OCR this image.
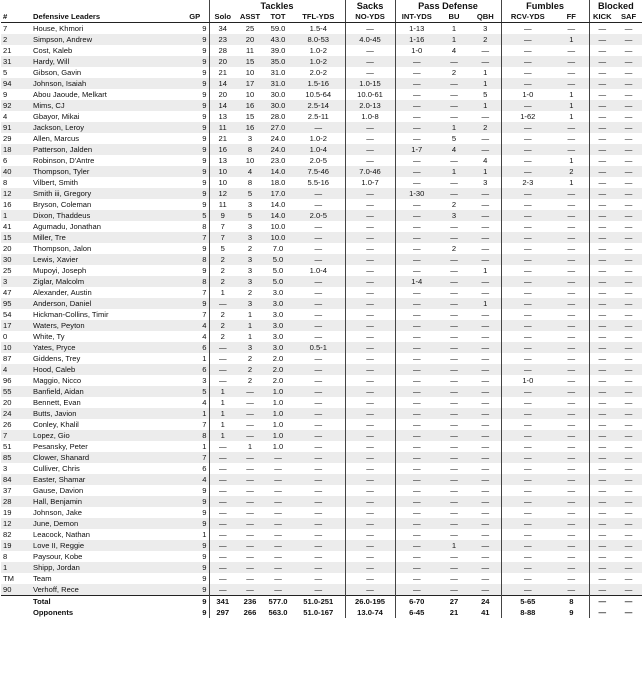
			Tackles				Sacks	Pass Defense			Fumbles		Blocked	
#	Defensive Leaders	GP	Solo	ASST	TOT	TFL-YDS	NO-YDS	INT-YDS	BU	QBH	RCV-YDS	FF	KICK	SAF
7	House, Khmori	9	34	25	59.0	1.5-4	—	1-13	1	3	—	—	—	—
2	Simpson, Andrew	9	23	20	43.0	8.0-53	4.0-45	1-16	1	2	—	1	—	—
21	Cost, Kaleb	9	28	11	39.0	1.0-2	—	1-0	4	—	—	—	—	—
31	Hardy, Will	9	20	15	35.0	1.0-2	—	—	—	—	—	—	—	—
5	Gibson, Gavin	9	21	10	31.0	2.0-2	—	—	2	1	—	—	—	—
94	Johnson, Isaiah	9	14	17	31.0	1.5-16	1.0-15	—	—	1	—	—	—	—
9	Abou Jaoude, Melkart	9	20	10	30.0	10.5-64	10.0-61	—	—	5	1-0	1	—	—
92	Mims, CJ	9	14	16	30.0	2.5-14	2.0-13	—	—	1	—	1	—	—
4	Gbayor, Mikai	9	13	15	28.0	2.5-11	1.0-8	—	—	—	1-62	1	—	—
91	Jackson, Leroy	9	11	16	27.0	—	—	—	1	2	—	—	—	—
29	Allen, Marcus	9	21	3	24.0	1.0-2	—	—	5	—	—	—	—	—
18	Patterson, Jalden	9	16	8	24.0	1.0-4	—	1-7	4	—	—	—	—	—
6	Robinson, D'Antre	9	13	10	23.0	2.0-5	—	—	—	4	—	1	—	—
40	Thompson, Tyler	9	10	4	14.0	7.5-46	7.0-46	—	1	1	—	2	—	—
8	Vilbert, Smith	9	10	8	18.0	5.5-16	1.0-7	—	—	3	2-3	1	—	—
12	Smith iii, Gregory	9	12	5	17.0	—	—	1-30	—	—	—	—	—	—
16	Bryson, Coleman	9	11	3	14.0	—	—	—	2	—	—	—	—	—
1	Dixon, Thaddeus	5	9	5	14.0	2.0-5	—	—	3	—	—	—	—	—
41	Agumadu, Jonathan	8	7	3	10.0	—	—	—	—	—	—	—	—	—
15	Miller, Tre	7	7	3	10.0	—	—	—	—	—	—	—	—	—
20	Thompson, Jalon	9	5	2	7.0	—	—	—	2	—	—	—	—	—
30	Lewis, Xavier	8	2	3	5.0	—	—	—	—	—	—	—	—	—
25	Mupoyi, Joseph	9	2	3	5.0	1.0-4	—	—	—	1	—	—	—	—
3	Ziglar, Malcolm	8	2	3	5.0	—	—	1-4	—	—	—	—	—	—
47	Alexander, Austin	7	1	2	3.0	—	—	—	—	—	—	—	—	—
95	Anderson, Daniel	9	—	3	3.0	—	—	—	—	1	—	—	—	—
54	Hickman-Collins, Timir	7	2	1	3.0	—	—	—	—	—	—	—	—	—
17	Waters, Peyton	4	2	1	3.0	—	—	—	—	—	—	—	—	—
0	White, Ty	4	2	1	3.0	—	—	—	—	—	—	—	—	—
10	Yates, Pryce	6	—	3	3.0	0.5-1	—	—	—	—	—	—	—	—
87	Giddens, Trey	1	—	2	2.0	—	—	—	—	—	—	—	—	—
4	Hood, Caleb	6	—	2	2.0	—	—	—	—	—	—	—	—	—
96	Maggio, Nicco	3	—	2	2.0	—	—	—	—	—	1-0	—	—	—
55	Banfield, Aidan	5	1	—	1.0	—	—	—	—	—	—	—	—	—
20	Bennett, Evan	4	1	—	1.0	—	—	—	—	—	—	—	—	—
24	Butts, Javion	1	1	—	1.0	—	—	—	—	—	—	—	—	—
26	Conley, Khalil	7	1	—	1.0	—	—	—	—	—	—	—	—	—
7	Lopez, Gio	8	1	—	1.0	—	—	—	—	—	—	—	—	—
51	Pesansky, Peter	1	—	1	1.0	—	—	—	—	—	—	—	—	—
85	Clower, Shanard	7	—	—	—	—	—	—	—	—	—	—	—	—
3	Culliver, Chris	6	—	—	—	—	—	—	—	—	—	—	—	—
84	Easter, Shamar	4	—	—	—	—	—	—	—	—	—	—	—	—
37	Gause, Davion	9	—	—	—	—	—	—	—	—	—	—	—	—
28	Hall, Benjamin	9	—	—	—	—	—	—	—	—	—	—	—	—
19	Johnson, Jake	9	—	—	—	—	—	—	—	—	—	—	—	—
12	June, Demon	9	—	—	—	—	—	—	—	—	—	—	—	—
82	Leacock, Nathan	1	—	—	—	—	—	—	—	—	—	—	—	—
19	Love II, Reggie	9	—	—	—	—	—	—	1	—	—	—	—	—
8	Paysour, Kobe	9	—	—	—	—	—	—	—	—	—	—	—	—
1	Shipp, Jordan	9	—	—	—	—	—	—	—	—	—	—	—	—
TM	Team	9	—	—	—	—	—	—	—	—	—	—	—	—
90	Verhoff, Rece	9	—	—	—	—	—	—	—	—	—	—	—	—
	Total	9	341	236	577.0	51.0-251	26.0-195	6-70	27	24	5-65	8	—	—
	Opponents	9	297	266	563.0	51.0-167	13.0-74	6-45	21	41	8-88	9	—	—
